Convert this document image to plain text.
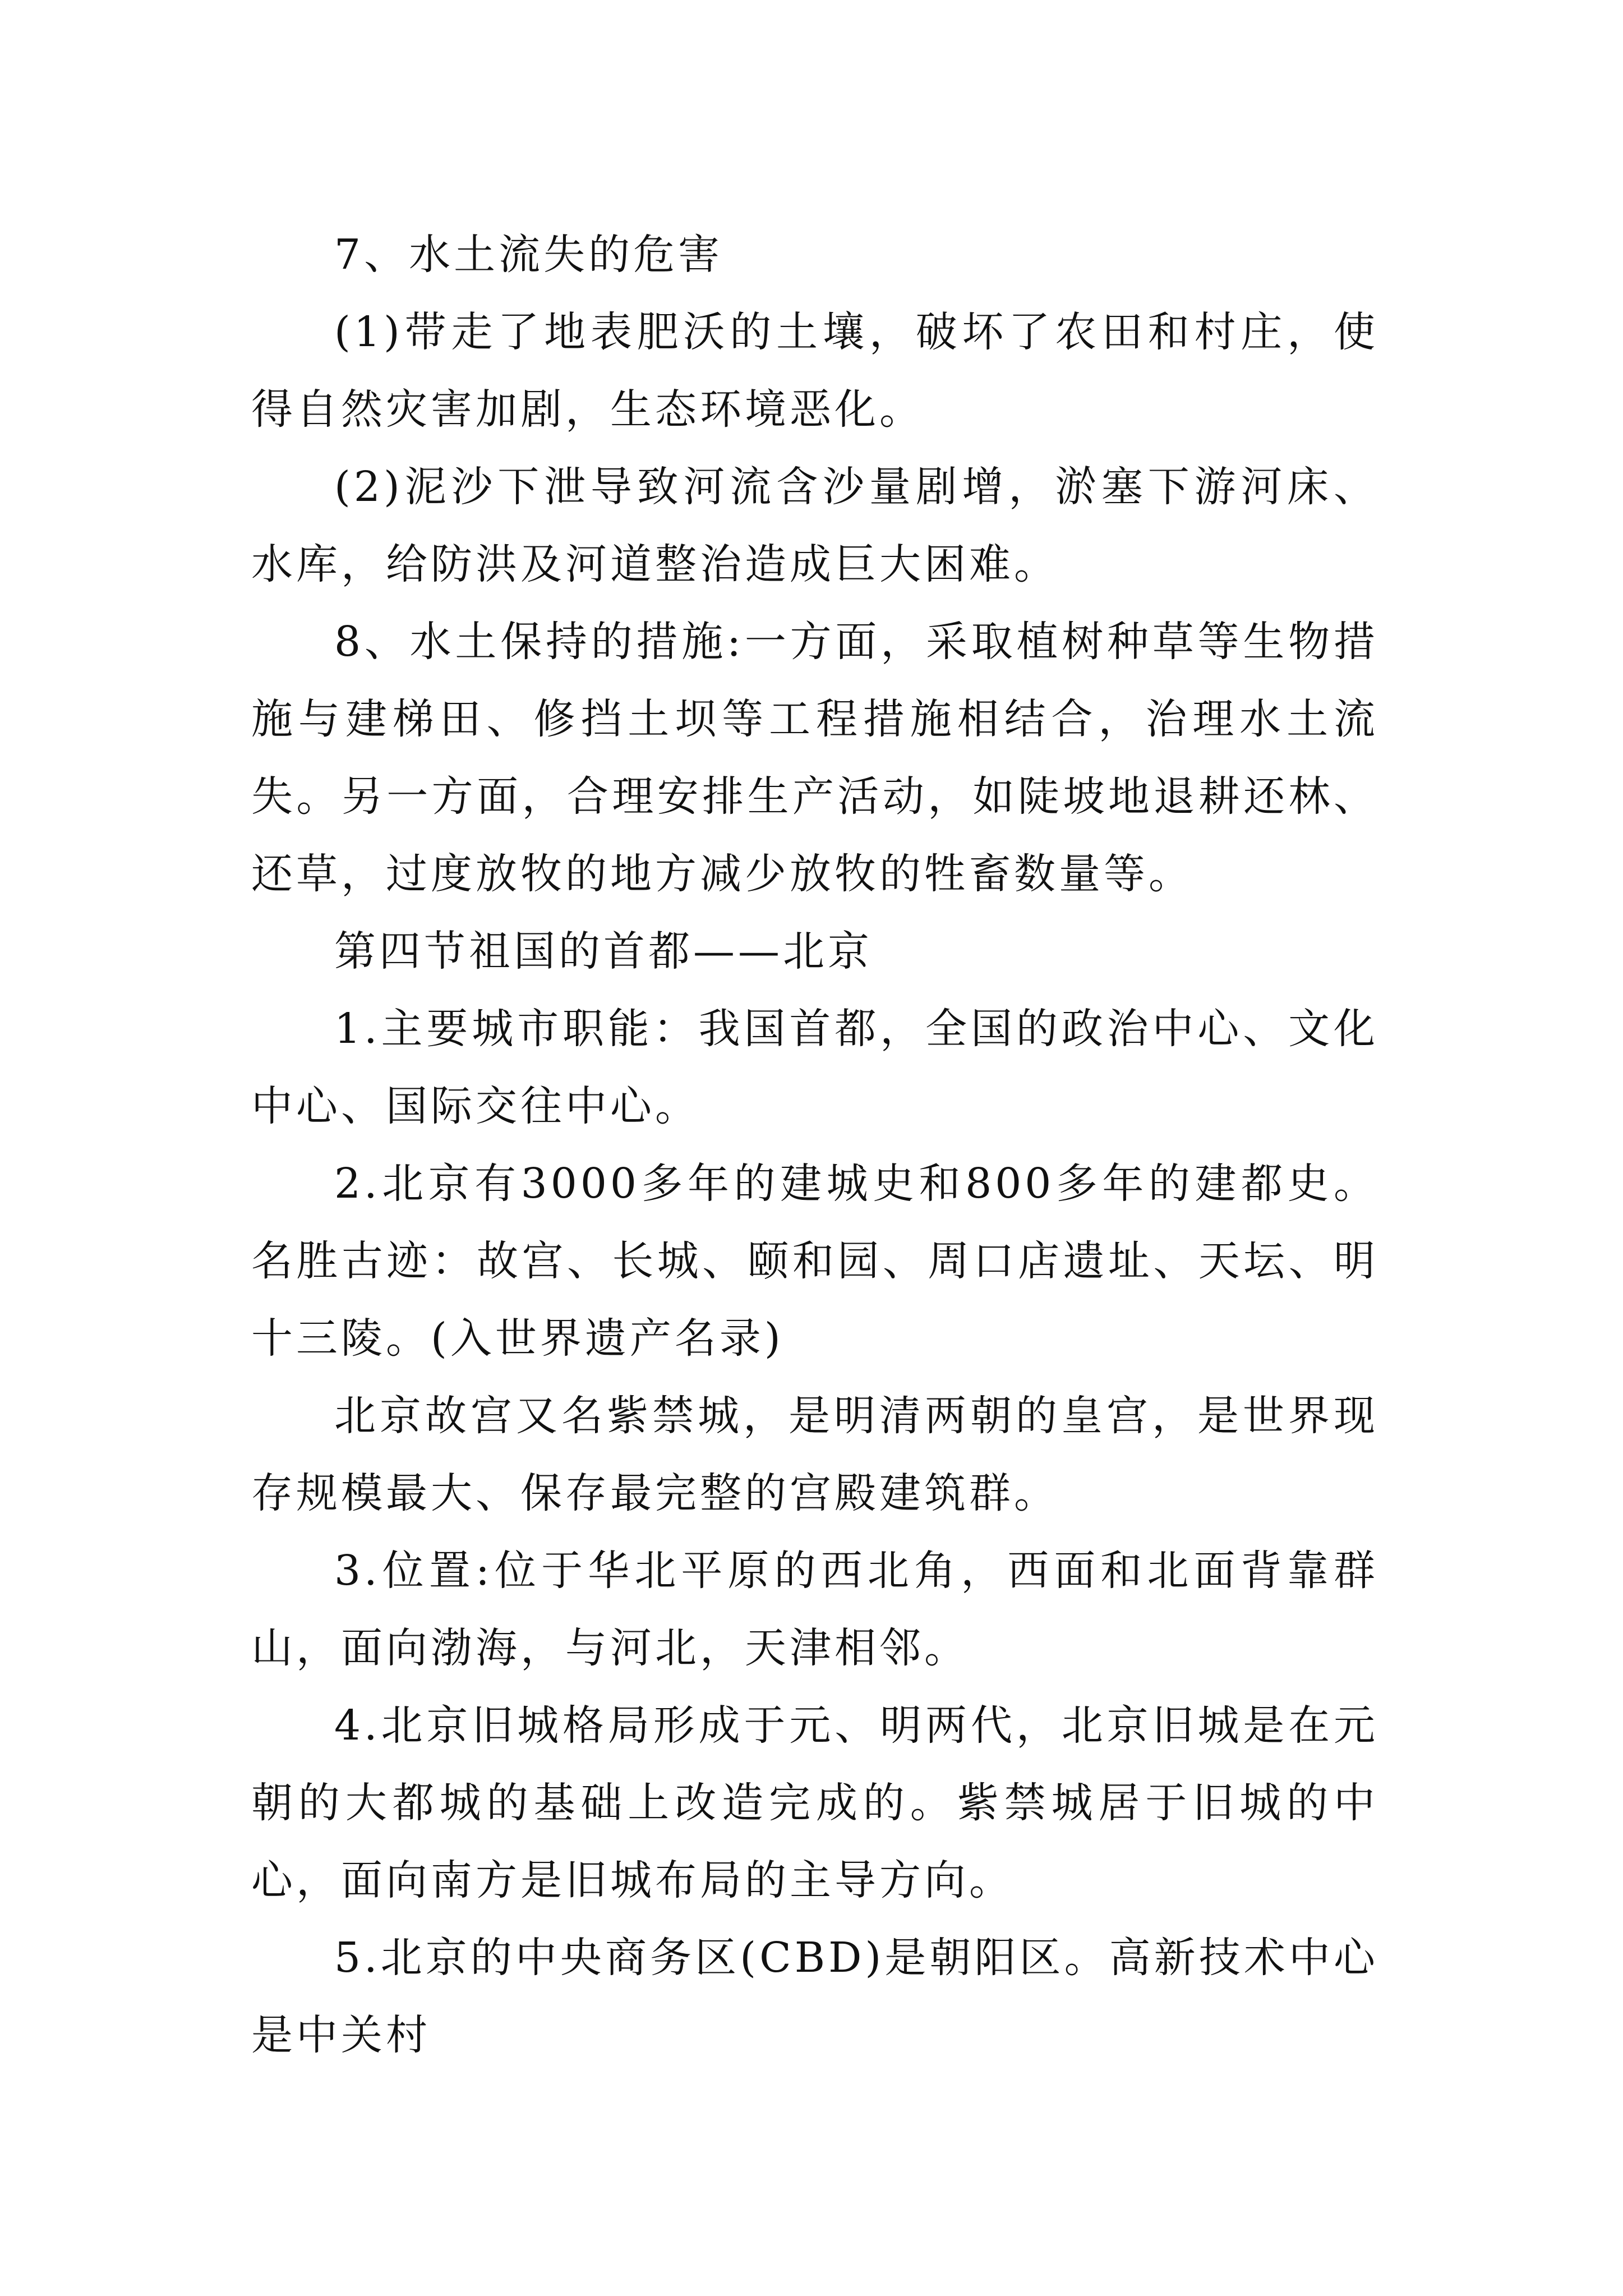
7、水土流失的危害

(1)带走了地表肥沃的土壤，破坏了农田和村庄，使得自然灾害加剧，生态环境恶化。

(2)泥沙下泄导致河流含沙量剧增，淤塞下游河床、水库，给防洪及河道整治造成巨大困难。

8、水土保持的措施:一方面，采取植树种草等生物措施与建梯田、修挡土坝等工程措施相结合，治理水土流失。另一方面，合理安排生产活动，如陡坡地退耕还林、还草，过度放牧的地方减少放牧的牲畜数量等。

第四节祖国的首都——北京

1.主要城市职能：我国首都，全国的政治中心、文化中心、国际交往中心。

2.北京有3000多年的建城史和800多年的建都史。名胜古迹：故宫、长城、颐和园、周口店遗址、天坛、明十三陵。(入世界遗产名录)

北京故宫又名紫禁城，是明清两朝的皇宫，是世界现存规模最大、保存最完整的宫殿建筑群。

3.位置:位于华北平原的西北角，西面和北面背靠群山，面向渤海，与河北，天津相邻。

4.北京旧城格局形成于元、明两代，北京旧城是在元朝的大都城的基础上改造完成的。紫禁城居于旧城的中心，面向南方是旧城布局的主导方向。

5.北京的中央商务区(CBD)是朝阳区。高新技术中心是中关村
